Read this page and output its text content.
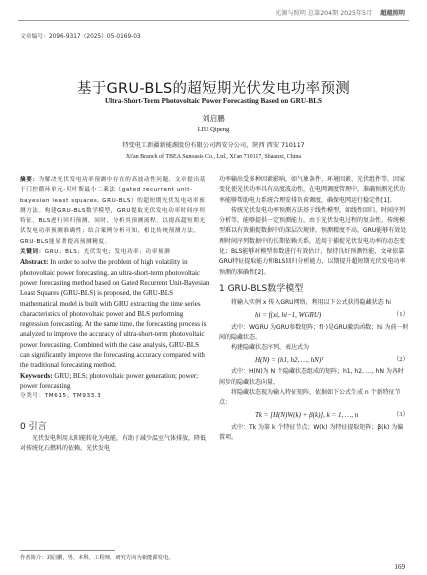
光源与照明 总第204期 2025年5月 超越照明
文章编号：2096-9317（2025）05-0169-03
基于GRU-BLS的超短期光伏发电功率预测
Ultra-Short-Term Photovoltaic Power Forecasting Based on GRU-BLS
刘启鹏
LIU Qipeng
特变电工新疆新能源股份有限公司西安分公司，陕西 西安 710117
Xi'an Branch of TBEA Sunoasis Co., Ltd., Xi'an 710117, Shaanxi, China

摘要：为解决光伏发电功率预测中存在的高波动性问题，文章提出基于门控循环单元-贝叶斯最小二乘法（gated recurrent unit-bayesian least squares, GRU-BLS）的超短期光伏发电功率预测方法。构建GRU-BLS数学模型，GRU提取光伏发电功率时间序列特征，BLS进行回归预测，同时，分析其预测流程，以提高超短期光伏发电功率预测准确性；结合案例分析可知，相比传统预测方法，GRU-BLS能显著提高预测精度。

关键词：GRU；BLS；光伏发电；发电功率；功率预测

Abstract: In order to solve the problem of high volatility in photovoltaic power forecasting, an ultra-short-term photovoltaic power forecasting method based on Gated Recurrent Unit-Bayesian Least Squares (GRU-BLS) is proposed, the GRU-BLS mathematical model is built with GRU extracting the time series characteristics of photovoltaic power and BLS performing regression forecasting. At the same time, the forecasting process is analyzed to improve the accuracy of ultra-short-term photovoltaic power forecasting. Combined with the case analysis, GRU-BLS can significantly improve the forecasting accuracy compared with the traditional forecasting method.

Keywords: GRU; BLS; photovoltaic power generation; power; power forecasting

分类号：TM615；TM933.3

0 引言

光伏发电利用太阳能转化为电能，有助于减少温室气体排放，降低对传统化石燃料的依赖。光伏发电

功率输出受多种因素影响，如气象条件、环境因素、光伏组件等，因家变化使光伏功率具有高度波动性，在电网调度管理中，准确预测光伏功率能够帮助电力系统合理安排负荷调度，确保电网运行稳定性[1]。

传统光伏发电功率预测方法基于线性模型，如线性回归、时间序列分析等，能够提供一定预测能力，由于光伏发电过程的复杂性，传统模型难以有效捕捉数据中的深层次规律，预测精度不高。GRU能够有效处理时间序列数据中的长期依赖关系，适用于捕捉光伏发电功率的动态变化；BLS能够对模型参数进行有效估计，保持良好预测性能，文章依靠GRU特征提取能力和BLS回归分析能力，以期提升超短期光伏发电功率预测的准确性[2]。

1 GRU-BLS数学模型

将输入实例 x 传入GRU网络，利用以下公式获得隐藏状态 hi

hi = f(xi, hi−1, WGRU)	（1）

式中：WGRU 为GRU参数矩阵；f(·)是GRU激活函数；hi 为前一时间的隐藏状态。

构建隐藏状态序列，表达式为

H(N) = (h1, h2, …, hN)ᵀ	（2）

式中：H(N)为 N 个隐藏状态组成的矩阵；h1, h2, …, hN 为各时间步的隐藏状态向量。

将隐藏状态视为输入特征矩阵，依据如下公式生成 n 个新特征节点：

Tk = [H(N)W(k) + β(k)], k = 1, …, n	（3）

式中：Tk 为第 k 个特征节点；W(k) 为特征提取矩阵；β(k) 为偏置项。

作者简介：刘启鹏，男，本科，工程师，研究方向为新能源发电。
169
